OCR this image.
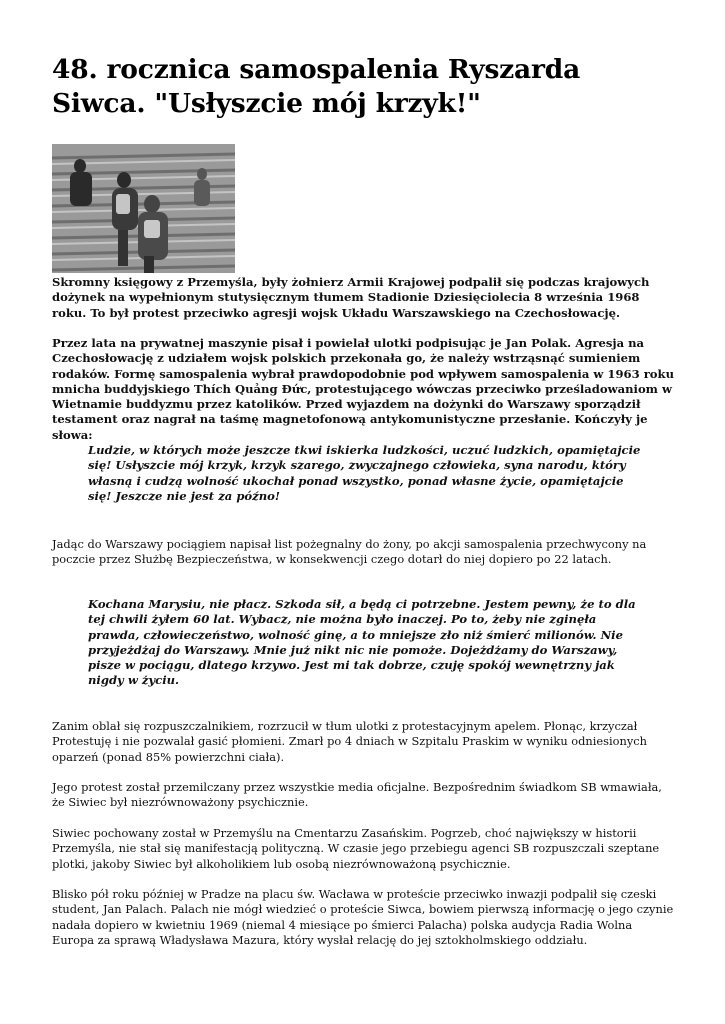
48. rocznica samospalenia Ryszarda Siwca. "Usłyszcie mój krzyk!"

Skromny księgowy z Przemyśla, były żołnierz Armii Krajowej podpalił się podczas krajowych dożynek na wypełnionym stutysięcznym tłumem Stadionie Dziesięciolecia 8 września 1968 roku. To był protest przeciwko agresji wojsk Układu Warszawskiego na Czechosłowację.

Przez lata na prywatnej maszynie pisał i powielał ulotki podpisując je Jan Polak. Agresja na Czechosłowację z udziałem wojsk polskich przekonała go, że należy wstrząsnąć sumieniem rodaków. Formę samospalenia wybrał prawdopodobnie pod wpływem samospalenia w 1963 roku mnicha buddyjskiego Thích Quảng Đức, protestującego wówczas przeciwko prześladowaniom w Wietnamie buddyzmu przez katolików. Przed wyjazdem na dożynki do Warszawy sporządził testament oraz nagrał na taśmę magnetofonową antykomunistyczne przesłanie. Kończyły je słowa:

Ludzie, w których może jeszcze tkwi iskierka ludzkości, uczuć ludzkich, opamiętajcie się! Usłyszcie mój krzyk, krzyk szarego, zwyczajnego człowieka, syna narodu, który własną i cudzą wolność ukochał ponad wszystko, ponad własne życie, opamiętajcie się! Jeszcze nie jest za późno!

Jadąc do Warszawy pociągiem napisał list pożegnalny do żony, po akcji samospalenia przechwycony na poczcie przez Służbę Bezpieczeństwa, w konsekwencji czego dotarł do niej dopiero po 22 latach.

Kochana Marysiu, nie płacz. Szkoda sił, a będą ci potrzebne. Jestem pewny, że to dla tej chwili żyłem 60 lat. Wybacz, nie można było inaczej. Po to, żeby nie zginęła prawda, człowieczeństwo, wolność ginę, a to mniejsze zło niż śmierć milionów. Nie przyjeżdżaj do Warszawy. Mnie już nikt nic nie pomoże. Dojeżdżamy do Warszawy, pisze w pociągu, dlatego krzywo. Jest mi tak dobrze, czuję spokój wewnętrzny jak nigdy w życiu.

Zanim oblał się rozpuszczalnikiem, rozrzucił w tłum ulotki z protestacyjnym apelem. Płonąc, krzyczał Protestuję i nie pozwalał gasić płomieni. Zmarł po 4 dniach w Szpitalu Praskim w wyniku odniesionych oparzeń (ponad 85% powierzchni ciała).

Jego protest został przemilczany przez wszystkie media oficjalne. Bezpośrednim świadkom SB wmawiała, że Siwiec był niezrównoważony psychicznie.

Siwiec pochowany został w Przemyślu na Cmentarzu Zasańskim. Pogrzeb, choć największy w historii Przemyśla, nie stał się manifestacją polityczną. W czasie jego przebiegu agenci SB rozpuszczali szeptane plotki, jakoby Siwiec był alkoholikiem lub osobą niezrównoważoną psychicznie.

Blisko pół roku później w Pradze na placu św. Wacława w proteście przeciwko inwazji podpalił się czeski student, Jan Palach. Palach nie mógł wiedzieć o proteście Siwca, bowiem pierwszą informację o jego czynie nadała dopiero w kwietniu 1969 (niemal 4 miesiące po śmierci Palacha) polska audycja Radia Wolna Europa za sprawą Władysława Mazura, który wysłał relację do jej sztokholmskiego oddziału.
